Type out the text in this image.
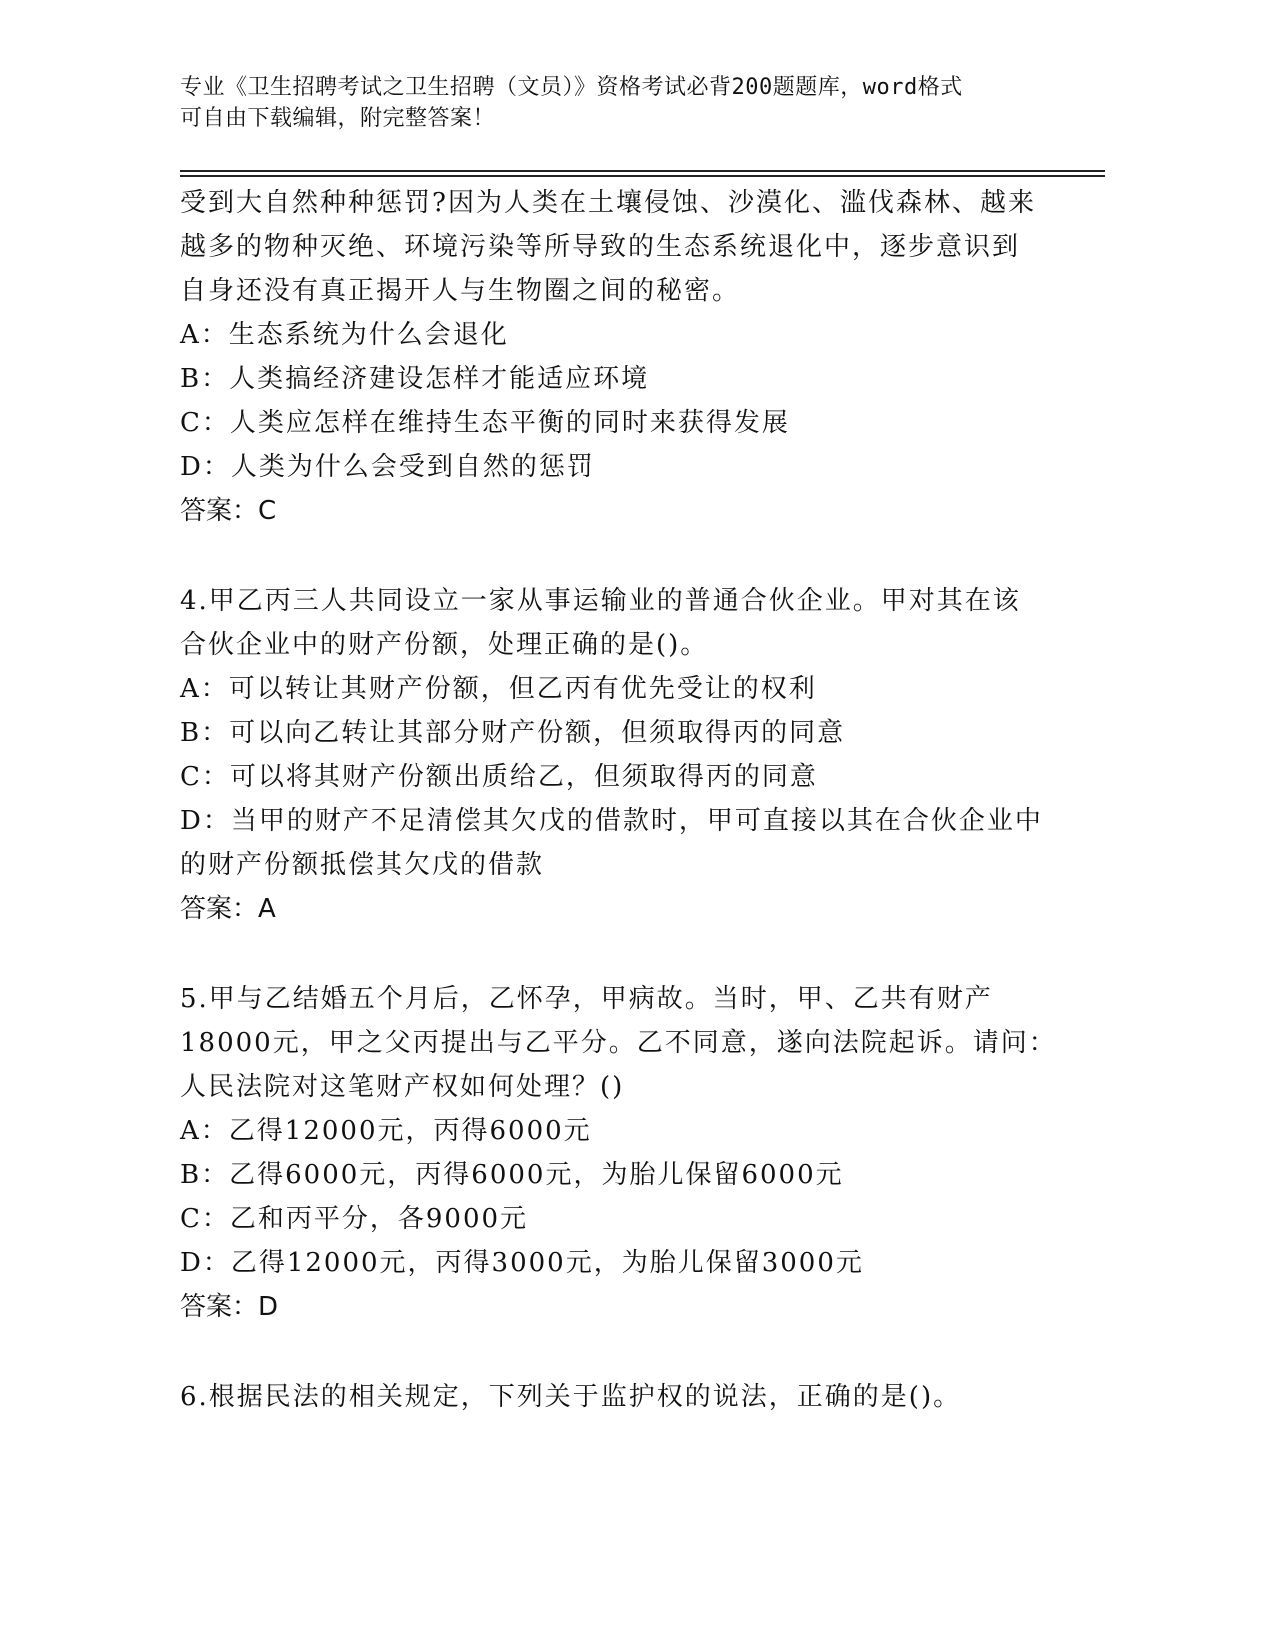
专业《卫生招聘考试之卫生招聘（文员）》资格考试必背200题题库，word格式
可自由下载编辑，附完整答案！
受到大自然种种惩罚?因为人类在土壤侵蚀、沙漠化、滥伐森林、越来
越多的物种灭绝、环境污染等所导致的生态系统退化中，逐步意识到
自身还没有真正揭开人与生物圈之间的秘密。
A：生态系统为什么会退化
B：人类搞经济建设怎样才能适应环境
C：人类应怎样在维持生态平衡的同时来获得发展
D：人类为什么会受到自然的惩罚
答案：C
4.甲乙丙三人共同设立一家从事运输业的普通合伙企业。甲对其在该
合伙企业中的财产份额，处理正确的是()。
A：可以转让其财产份额，但乙丙有优先受让的权利
B：可以向乙转让其部分财产份额，但须取得丙的同意
C：可以将其财产份额出质给乙，但须取得丙的同意
D：当甲的财产不足清偿其欠戊的借款时，甲可直接以其在合伙企业中
的财产份额抵偿其欠戊的借款
答案：A
5.甲与乙结婚五个月后，乙怀孕，甲病故。当时，甲、乙共有财产
18000元，甲之父丙提出与乙平分。乙不同意，遂向法院起诉。请问：
人民法院对这笔财产权如何处理？()
A：乙得12000元，丙得6000元
B：乙得6000元，丙得6000元，为胎儿保留6000元
C：乙和丙平分，各9000元
D：乙得12000元，丙得3000元，为胎儿保留3000元
答案：D
6.根据民法的相关规定，下列关于监护权的说法，正确的是()。
